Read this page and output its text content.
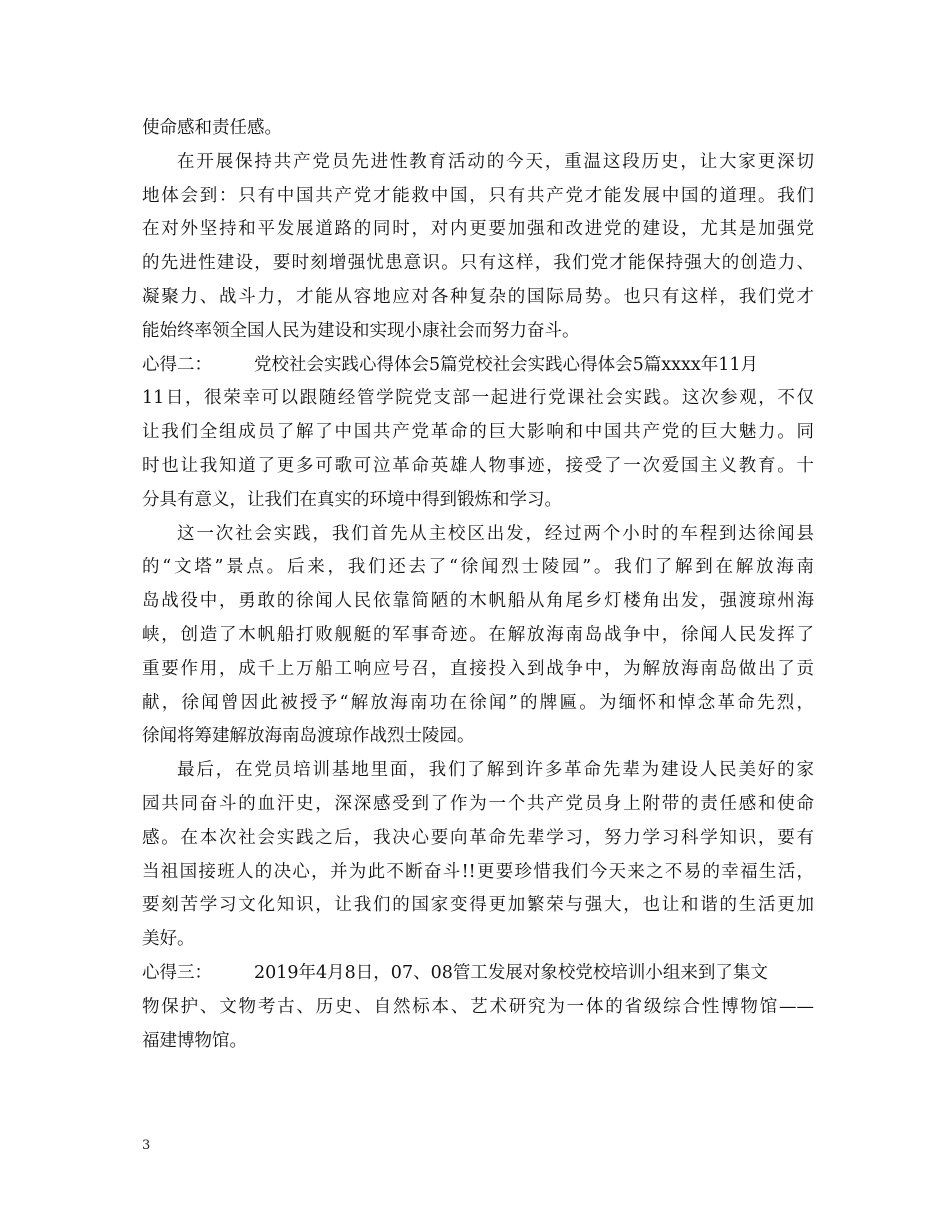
使命感和责任感。
在开展保持共产党员先进性教育活动的今天，重温这段历史，让大家更深切
地体会到：只有中国共产党才能救中国，只有共产党才能发展中国的道理。我们
在对外坚持和平发展道路的同时，对内更要加强和改进党的建设，尤其是加强党
的先进性建设，要时刻增强忧患意识。只有这样，我们党才能保持强大的创造力、
凝聚力、战斗力，才能从容地应对各种复杂的国际局势。也只有这样，我们党才
能始终率领全国人民为建设和实现小康社会而努力奋斗。
心得二： 党校社会实践心得体会5篇党校社会实践心得体会5篇xxxx年11月
11日，很荣幸可以跟随经管学院党支部一起进行党课社会实践。这次参观，不仅
让我们全组成员了解了中国共产党革命的巨大影响和中国共产党的巨大魅力。同
时也让我知道了更多可歌可泣革命英雄人物事迹，接受了一次爱国主义教育。十
分具有意义，让我们在真实的环境中得到锻炼和学习。
这一次社会实践，我们首先从主校区出发，经过两个小时的车程到达徐闻县
的“文塔”景点。后来，我们还去了“徐闻烈士陵园”。我们了解到在解放海南
岛战役中，勇敢的徐闻人民依靠简陋的木帆船从角尾乡灯楼角出发，强渡琼州海
峡，创造了木帆船打败舰艇的军事奇迹。在解放海南岛战争中，徐闻人民发挥了
重要作用，成千上万船工响应号召，直接投入到战争中，为解放海南岛做出了贡
献，徐闻曾因此被授予“解放海南功在徐闻”的牌匾。为缅怀和悼念革命先烈，
徐闻将筹建解放海南岛渡琼作战烈士陵园。
最后，在党员培训基地里面，我们了解到许多革命先辈为建设人民美好的家
园共同奋斗的血汗史，深深感受到了作为一个共产党员身上附带的责任感和使命
感。在本次社会实践之后，我决心要向革命先辈学习，努力学习科学知识，要有
当祖国接班人的决心，并为此不断奋斗!!更要珍惜我们今天来之不易的幸福生活，
要刻苦学习文化知识，让我们的国家变得更加繁荣与强大，也让和谐的生活更加
美好。
心得三： 2019年4月8日，07、08管工发展对象校党校培训小组来到了集文
物保护、文物考古、历史、自然标本、艺术研究为一体的省级综合性博物馆——
福建博物馆。
3
